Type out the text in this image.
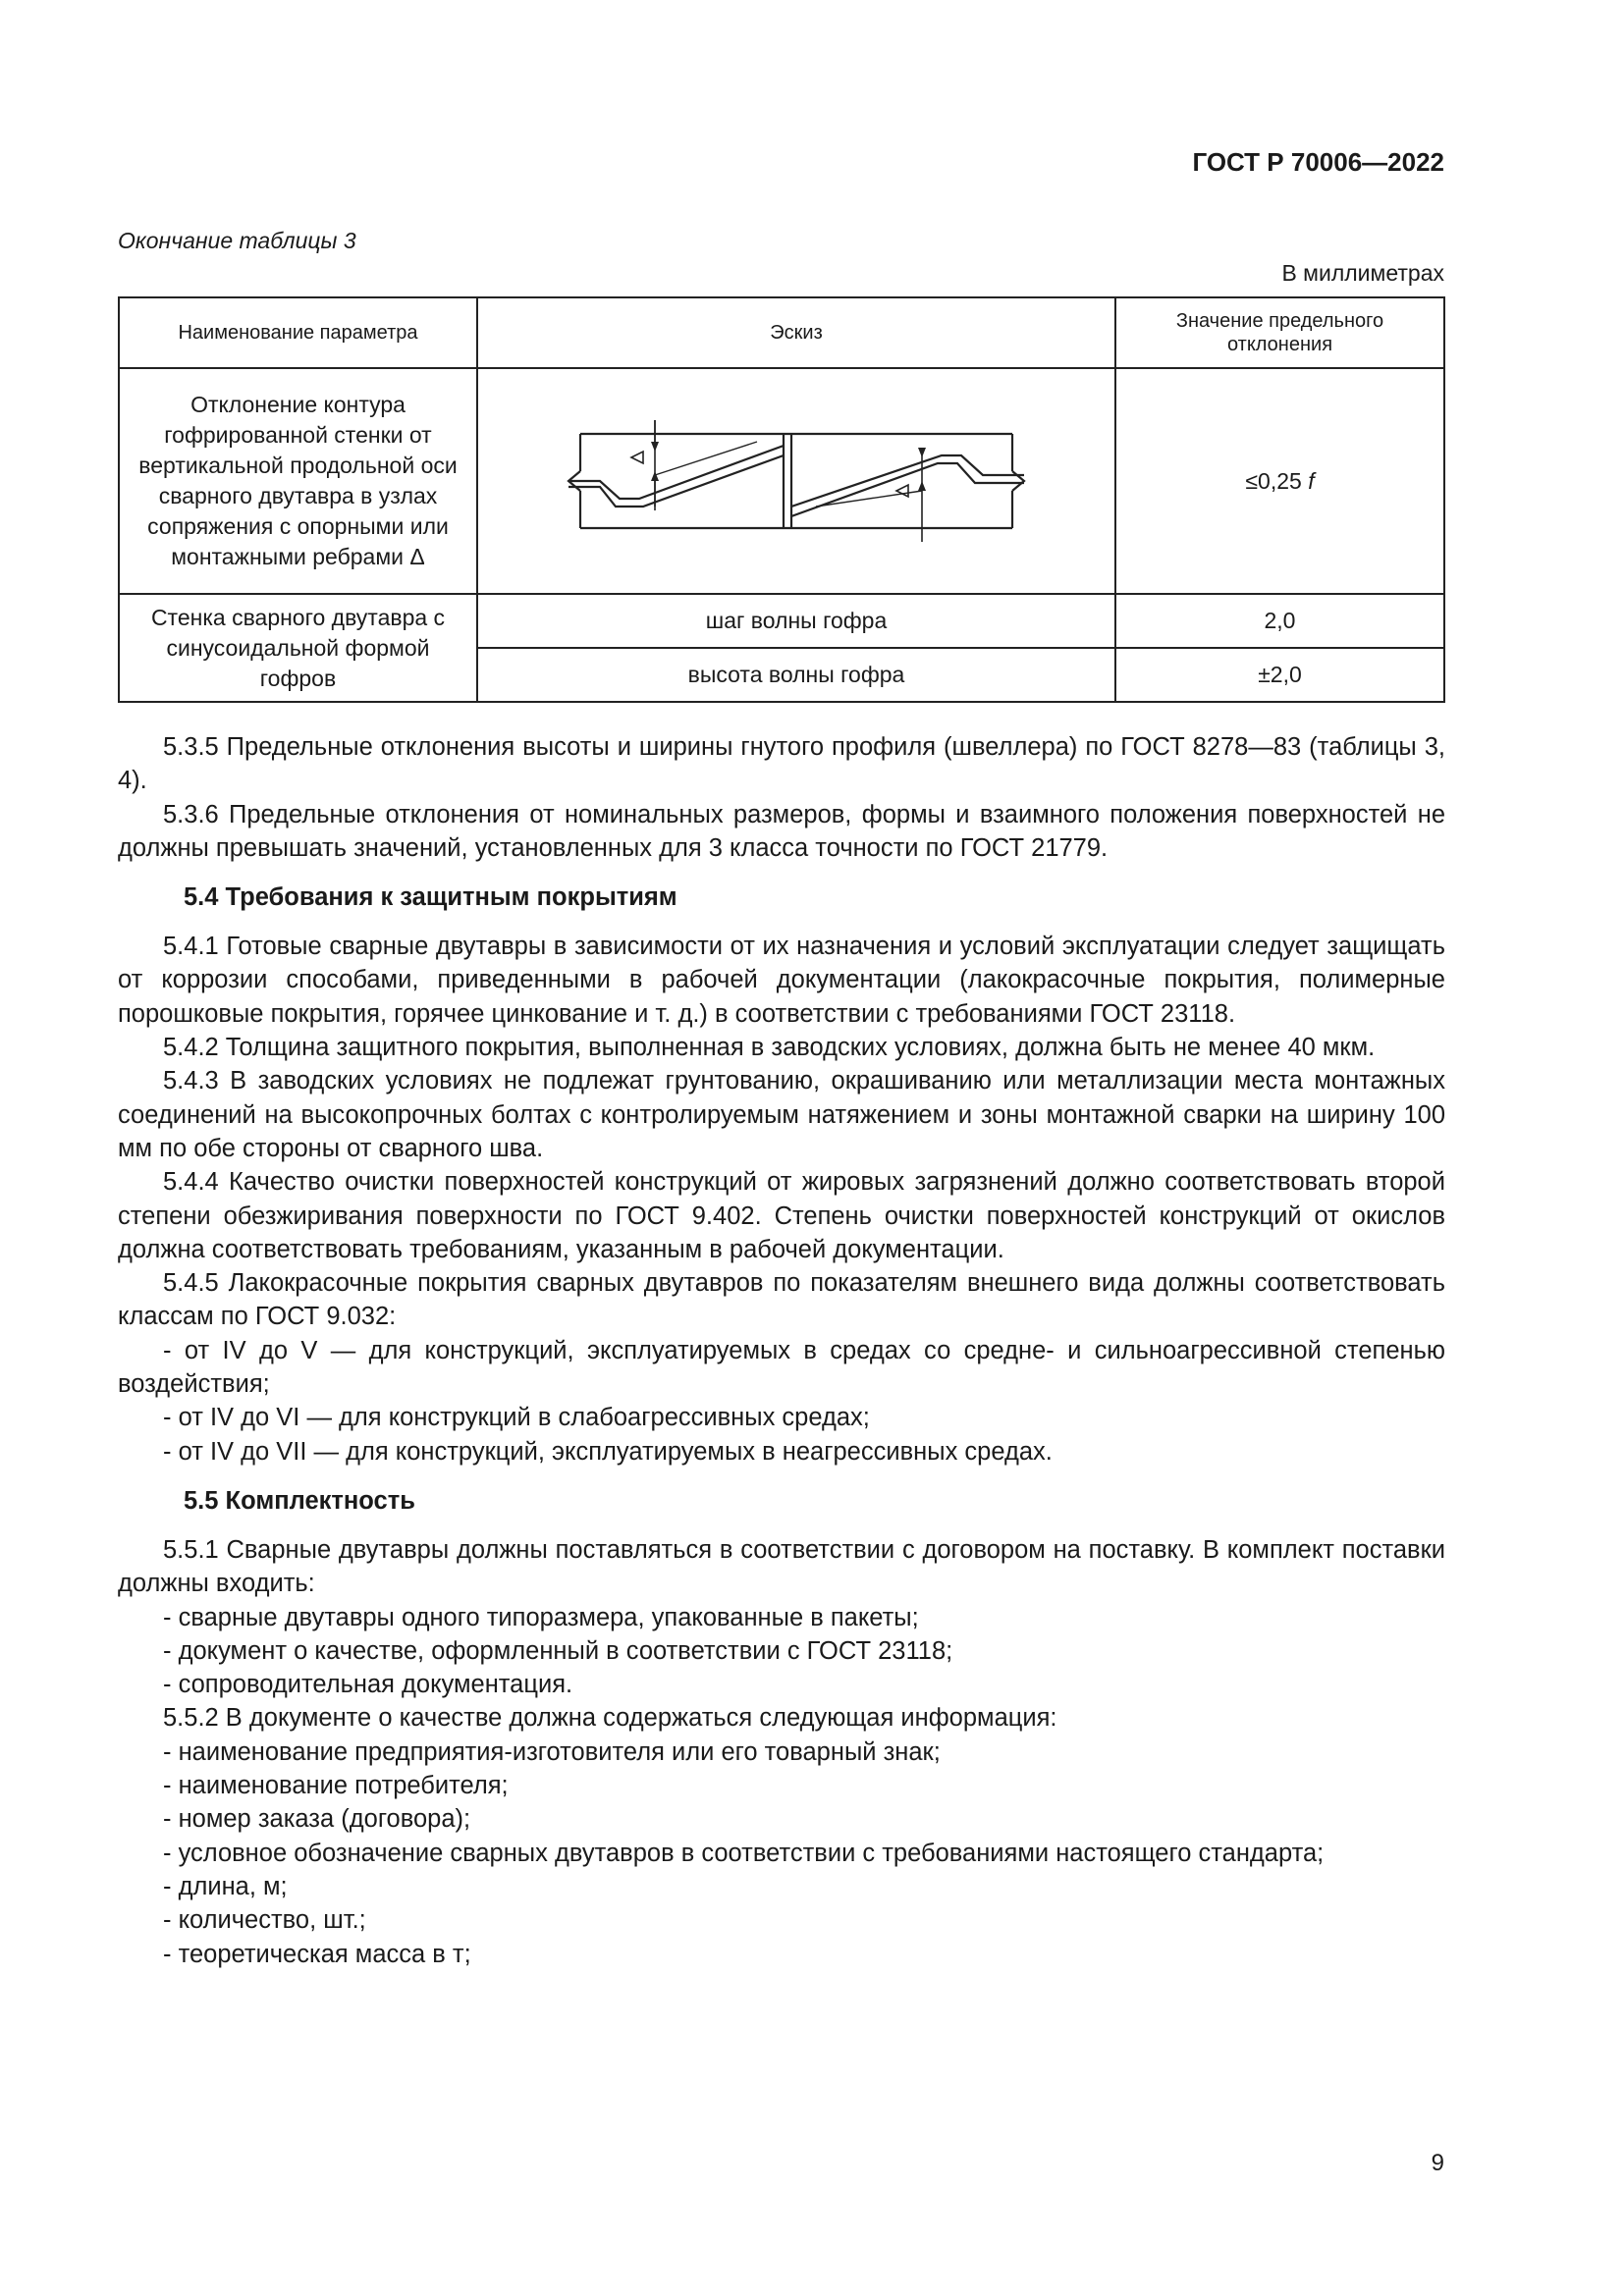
ГОСТ Р 70006—2022
Окончание таблицы 3
В миллиметрах
Наименование параметра	Эскиз	Значение предельного отклонения

Отклонение контура гофрированной стенки от вертикальной продольной оси сварного двутавра в узлах сопряжения с опорными или монтажными ребрами Δ		≤0,25 f

Стенка сварного двутавра с синусоидальной формой гофров	шаг волны гофра	2,0
	высота волны гофра	±2,0

5.3.5 Предельные отклонения высоты и ширины гнутого профиля (швеллера) по ГОСТ 8278—83 (таблицы 3, 4).

5.3.6 Предельные отклонения от номинальных размеров, формы и взаимного положения поверхностей не должны превышать значений, установленных для 3 класса точности по ГОСТ 21779.

5.4 Требования к защитным покрытиям

5.4.1 Готовые сварные двутавры в зависимости от их назначения и условий эксплуатации следует защищать от коррозии способами, приведенными в рабочей документации (лакокрасочные покрытия, полимерные порошковые покрытия, горячее цинкование и т. д.) в соответствии с требованиями ГОСТ 23118.

5.4.2 Толщина защитного покрытия, выполненная в заводских условиях, должна быть не менее 40 мкм.

5.4.3 В заводских условиях не подлежат грунтованию, окрашиванию или металлизации места монтажных соединений на высокопрочных болтах с контролируемым натяжением и зоны монтажной сварки на ширину 100 мм по обе стороны от сварного шва.

5.4.4 Качество очистки поверхностей конструкций от жировых загрязнений должно соответствовать второй степени обезжиривания поверхности по ГОСТ 9.402. Степень очистки поверхностей конструкций от окислов должна соответствовать требованиям, указанным в рабочей документации.

5.4.5 Лакокрасочные покрытия сварных двутавров по показателям внешнего вида должны соответствовать классам по ГОСТ 9.032:

- от IV до V — для конструкций, эксплуатируемых в средах со средне- и сильноагрессивной степенью воздействия;

- от IV до VI — для конструкций в слабоагрессивных средах;

- от IV до VII — для конструкций, эксплуатируемых в неагрессивных средах.

5.5 Комплектность

5.5.1 Сварные двутавры должны поставляться в соответствии с договором на поставку. В комплект поставки должны входить:

- сварные двутавры одного типоразмера, упакованные в пакеты;

- документ о качестве, оформленный в соответствии с ГОСТ 23118;

- сопроводительная документация.

5.5.2 В документе о качестве должна содержаться следующая информация:

- наименование предприятия-изготовителя или его товарный знак;

- наименование потребителя;

- номер заказа (договора);

- условное обозначение сварных двутавров в соответствии с требованиями настоящего стандарта;

- длина, м;

- количество, шт.;

- теоретическая масса в т;

9
